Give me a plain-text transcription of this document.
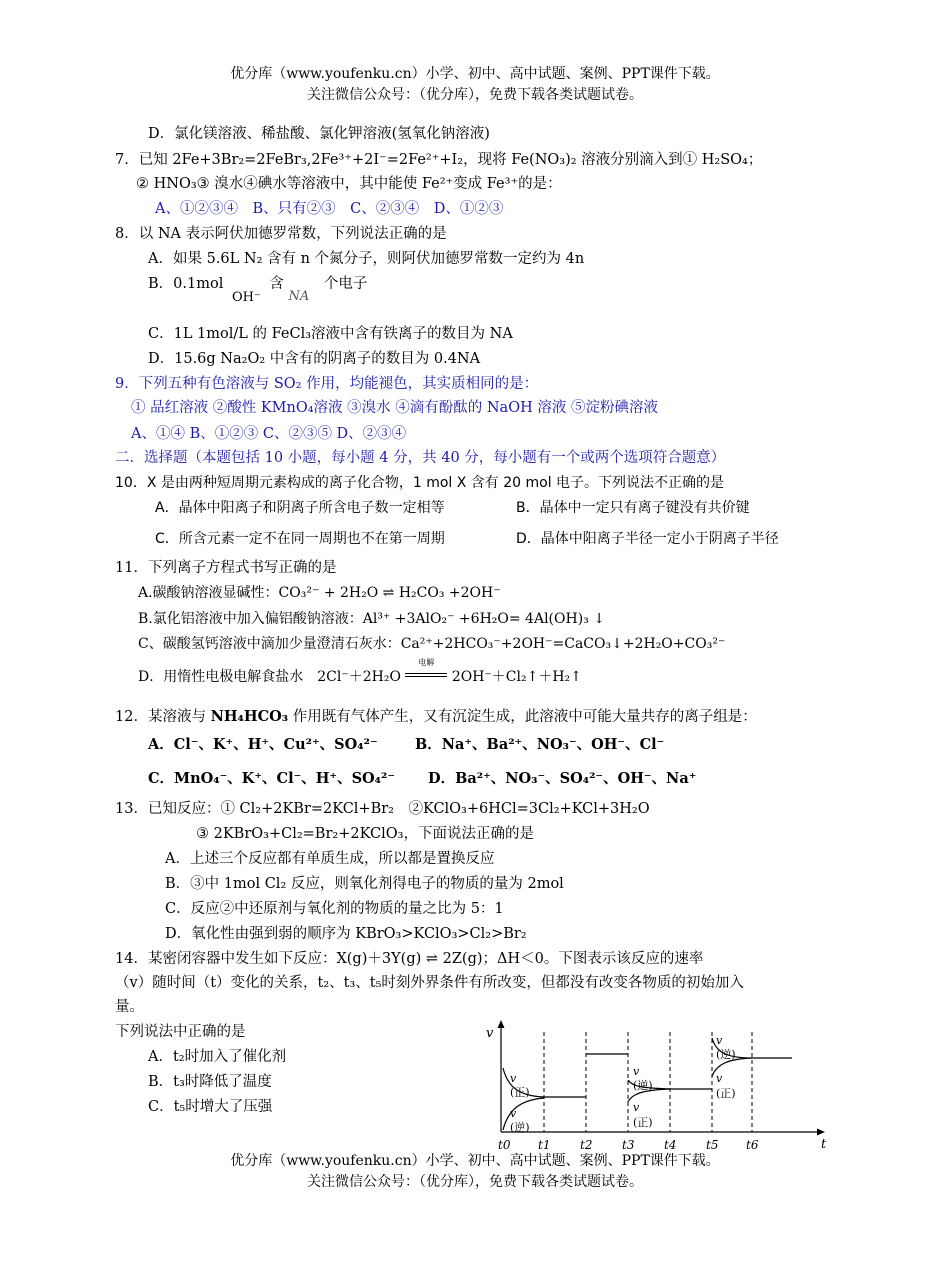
优分库（www.youfenku.cn）小学、初中、高中试题、案例、PPT课件下载。
关注微信公众号：（优分库），免费下载各类试题试卷。
D．氯化镁溶液、稀盐酸、氯化钾溶液(氢氧化钠溶液)
7．已知 2Fe+3Br₂=2FeBr₃,2Fe³⁺+2I⁻=2Fe²⁺+I₂，现将 Fe(NO₃)₂ 溶液分别滴入到① H₂SO₄；
② HNO₃③ 溴水④碘水等溶液中，其中能使 Fe²⁺变成 Fe³⁺的是：
A、①②③④　B、只有②③　C、②③④　D、①②③
8．以 NA 表示阿伏加德罗常数，下列说法正确的是
A．如果 5.6L N₂ 含有 n 个氮分子，则阿伏加德罗常数一定约为 4n
B．0.1mol OH⁻ 含 NA 个电子
C．1L 1mol/L 的 FeCl₃溶液中含有铁离子的数目为 NA
D．15.6g Na₂O₂ 中含有的阴离子的数目为 0.4NA
9．下列五种有色溶液与 SO₂ 作用，均能褪色，其实质相同的是：
① 品红溶液 ②酸性 KMnO₄溶液 ③溴水 ④滴有酚酞的 NaOH 溶液 ⑤淀粉碘溶液
A、①④ B、①②③ C、②③⑤ D、②③④
二．选择题（本题包括 10 小题，每小题 4 分，共 40 分，每小题有一个或两个选项符合题意）
10．X 是由两种短周期元素构成的离子化合物，1 mol X 含有 20 mol 电子。下列说法不正确的是
A．晶体中阳离子和阴离子所含电子数一定相等	B．晶体中一定只有离子键没有共价键
C．所含元素一定不在同一周期也不在第一周期	D．晶体中阳离子半径一定小于阴离子半径
11．下列离子方程式书写正确的是
A.碳酸钠溶液显碱性：CO₃²⁻ + 2H₂O ⇌ H₂CO₃ +2OH⁻
B.氯化铝溶液中加入偏铝酸钠溶液：Al³⁺ +3AlO₂⁻ +6H₂O= 4Al(OH)₃ ↓
C、碳酸氢钙溶液中滴加少量澄清石灰水：Ca²⁺+2HCO₃⁻+2OH⁻=CaCO₃↓+2H₂O+CO₃²⁻
D．用惰性电极电解食盐水　2Cl⁻＋2H₂O
电解
2OH⁻＋Cl₂↑＋H₂↑
12．某溶液与 NH₄HCO₃ 作用既有气体产生，又有沉淀生成，此溶液中可能大量共存的离子组是：
A．Cl⁻、K⁺、H⁺、Cu²⁺、SO₄²⁻	B．Na⁺、Ba²⁺、NO₃⁻、OH⁻、Cl⁻
C．MnO₄⁻、K⁺、Cl⁻、H⁺、SO₄²⁻ D．Ba²⁺、NO₃⁻、SO₄²⁻、OH⁻、Na⁺
13．已知反应：① Cl₂+2KBr=2KCl+Br₂　②KClO₃+6HCl=3Cl₂+KCl+3H₂O
③ 2KBrO₃+Cl₂=Br₂+2KClO₃，下面说法正确的是
A．上述三个反应都有单质生成，所以都是置换反应
B．③中 1mol Cl₂ 反应，则氧化剂得电子的物质的量为 2mol
C．反应②中还原剂与氧化剂的物质的量之比为 5：1
D．氧化性由强到弱的顺序为 KBrO₃>KClO₃>Cl₂>Br₂
14．某密闭容器中发生如下反应：X(g)＋3Y(g) ⇌ 2Z(g)；ΔH＜0。下图表示该反应的速率
（v）随时间（t）变化的关系，t₂、t₃、t₅时刻外界条件有所改变，但都没有改变各物质的初始加入
量。
下列说法中正确的是
A．t₂时加入了催化剂
B．t₃时降低了温度
C．t₅时增大了压强
v
t
t0 t1 t2 t3 t4 t5 t6
v
(正)
v
(逆)
v
(逆)
v
(正)
v
(逆)
v
(正)
优分库（www.youfenku.cn）小学、初中、高中试题、案例、PPT课件下载。
关注微信公众号：（优分库），免费下载各类试题试卷。
